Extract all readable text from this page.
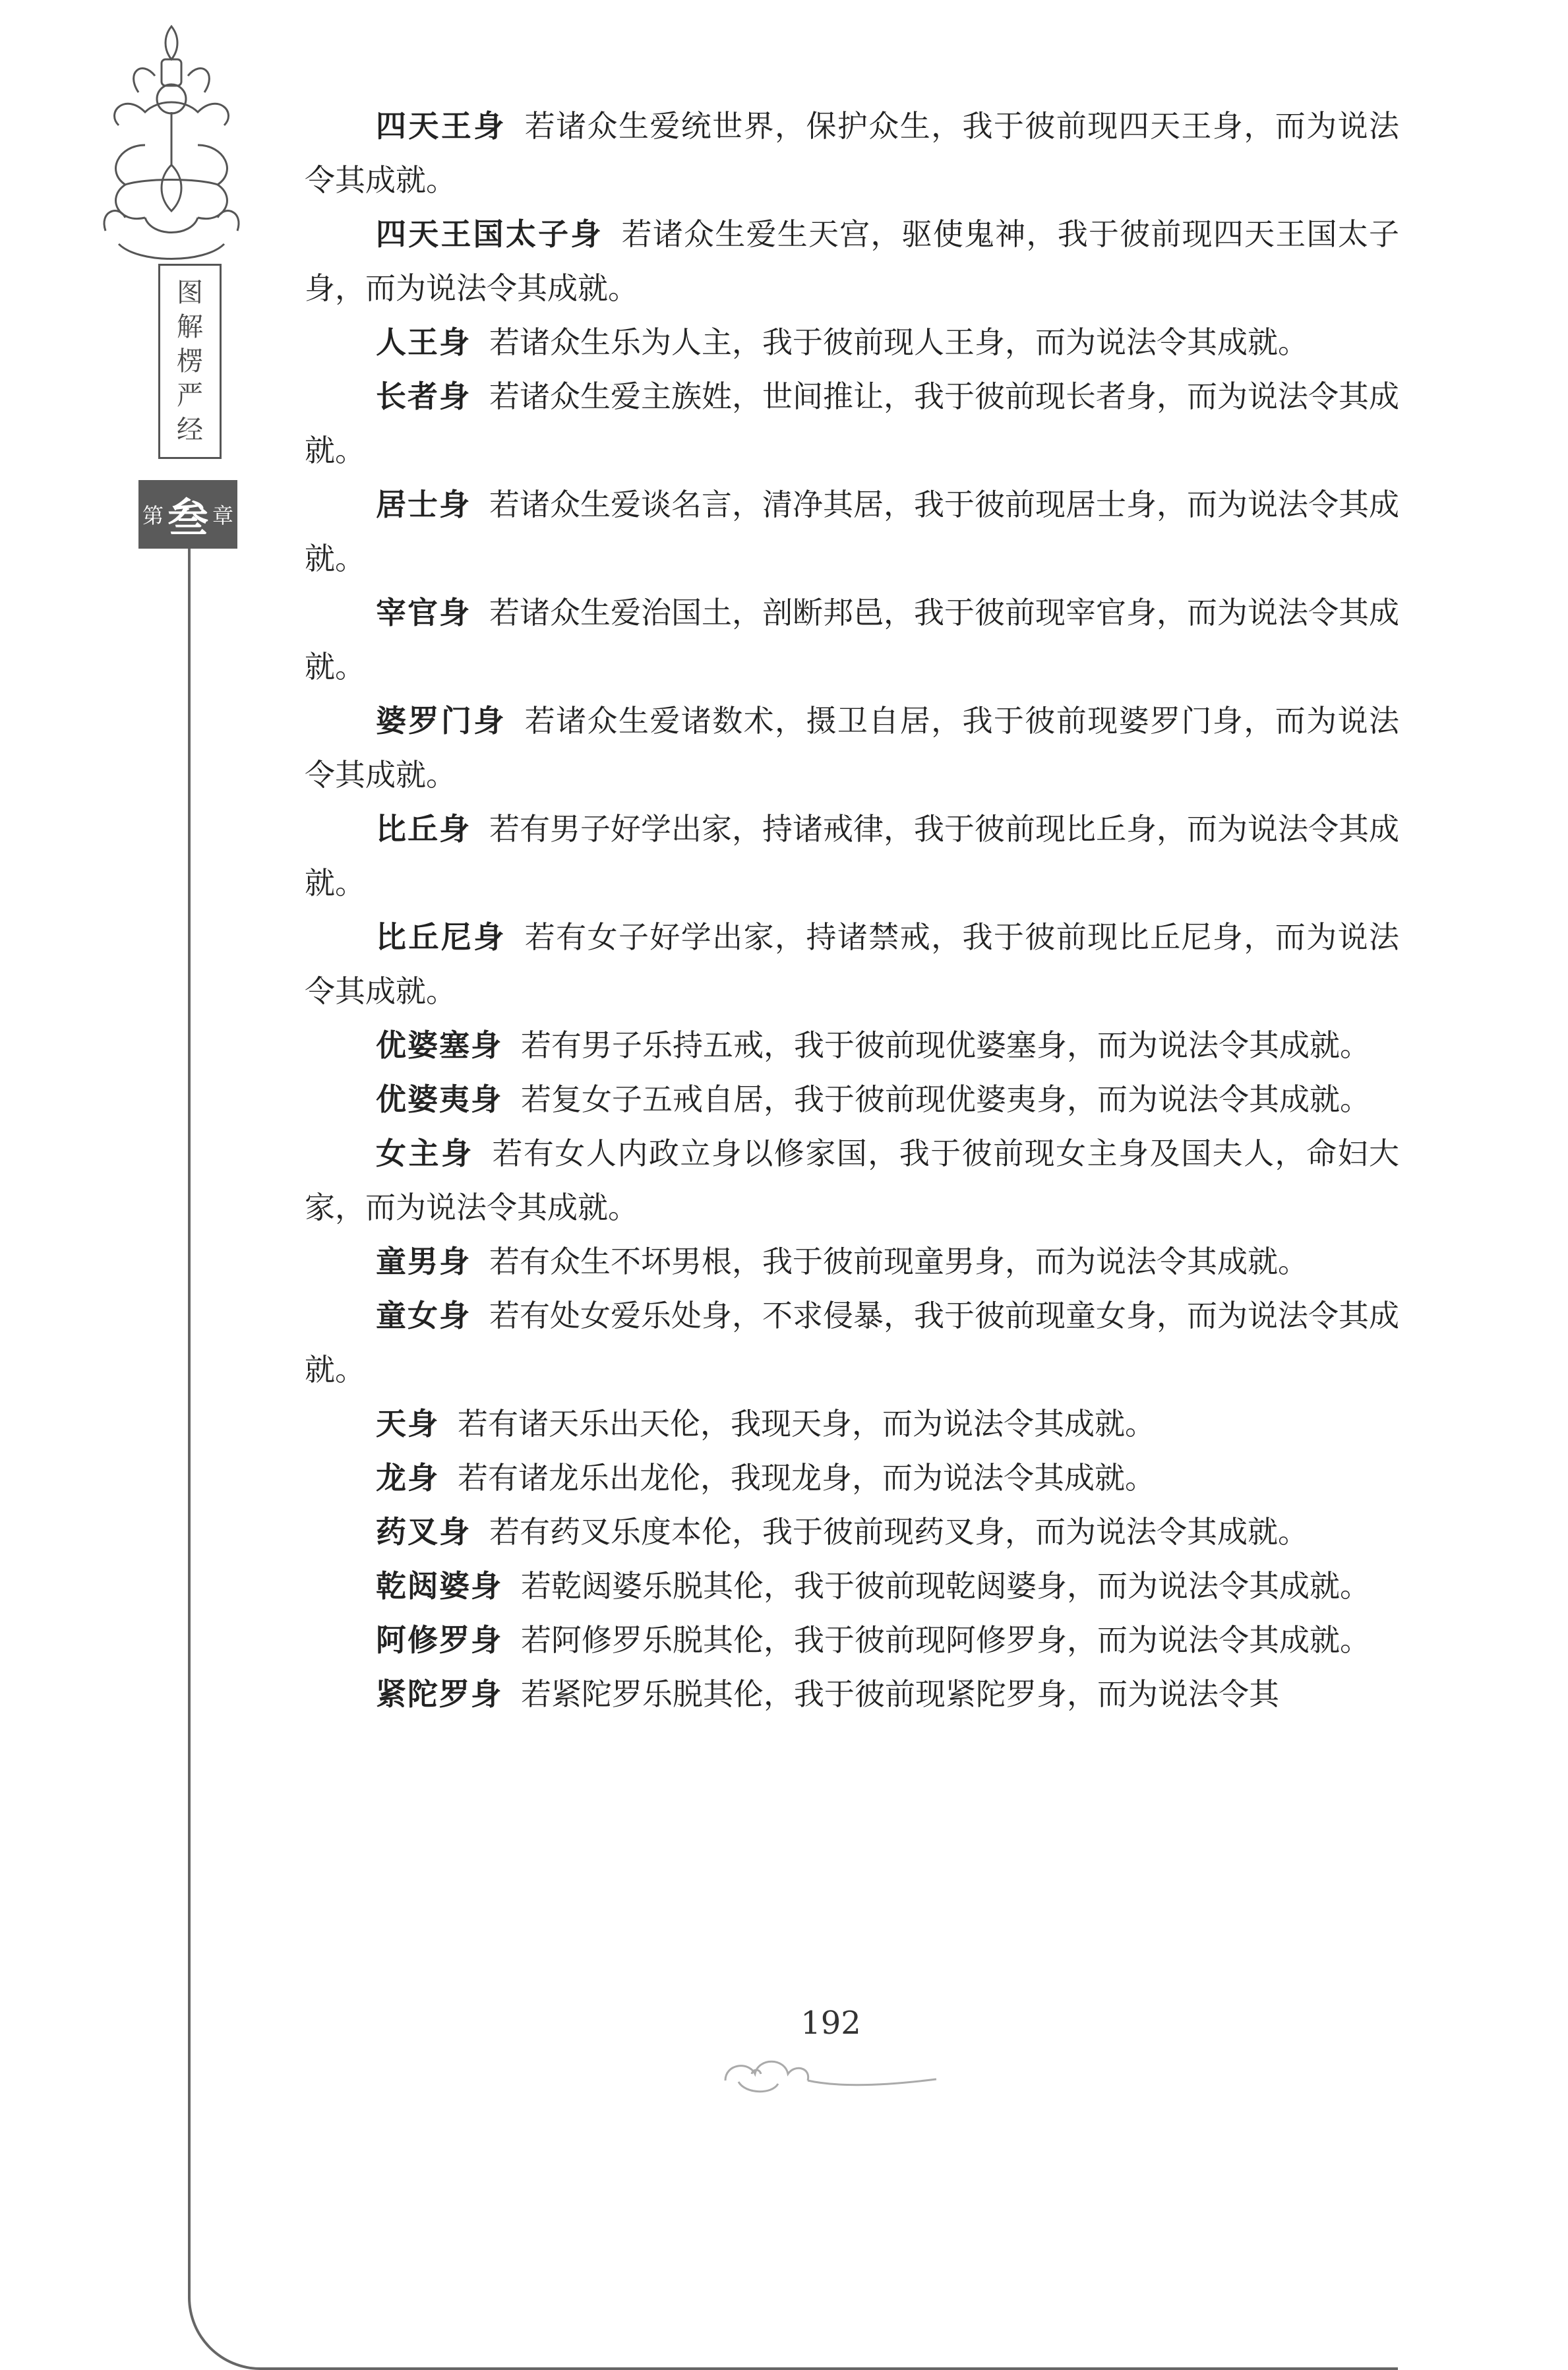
图
解
楞
严
经
第 叁 章

四天王身 若诸众生爱统世界，保护众生，我于彼前现四天王身，而为说法令其成就。

四天王国太子身 若诸众生爱生天宫，驱使鬼神，我于彼前现四天王国太子身，而为说法令其成就。

人王身 若诸众生乐为人主，我于彼前现人王身，而为说法令其成就。

长者身 若诸众生爱主族姓，世间推让，我于彼前现长者身，而为说法令其成就。

居士身 若诸众生爱谈名言，清净其居，我于彼前现居士身，而为说法令其成就。

宰官身 若诸众生爱治国土，剖断邦邑，我于彼前现宰官身，而为说法令其成就。

婆罗门身 若诸众生爱诸数术，摄卫自居，我于彼前现婆罗门身，而为说法令其成就。

比丘身 若有男子好学出家，持诸戒律，我于彼前现比丘身，而为说法令其成就。

比丘尼身 若有女子好学出家，持诸禁戒，我于彼前现比丘尼身，而为说法令其成就。

优婆塞身 若有男子乐持五戒，我于彼前现优婆塞身，而为说法令其成就。

优婆夷身 若复女子五戒自居，我于彼前现优婆夷身，而为说法令其成就。

女主身 若有女人内政立身以修家国，我于彼前现女主身及国夫人，命妇大家，而为说法令其成就。

童男身 若有众生不坏男根，我于彼前现童男身，而为说法令其成就。

童女身 若有处女爱乐处身，不求侵暴，我于彼前现童女身，而为说法令其成就。

天身 若有诸天乐出天伦，我现天身，而为说法令其成就。

龙身 若有诸龙乐出龙伦，我现龙身，而为说法令其成就。

药叉身 若有药叉乐度本伦，我于彼前现药叉身，而为说法令其成就。

乾闼婆身 若乾闼婆乐脱其伦，我于彼前现乾闼婆身，而为说法令其成就。

阿修罗身 若阿修罗乐脱其伦，我于彼前现阿修罗身，而为说法令其成就。

紧陀罗身 若紧陀罗乐脱其伦，我于彼前现紧陀罗身，而为说法令其

192
